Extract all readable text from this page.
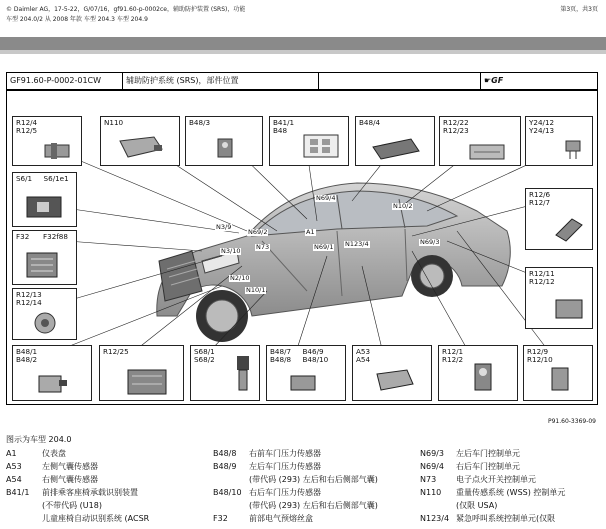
© Daimler AG，17-5-22，G/07/16，gf91.60-p-0002ce，辅助防护装置 (SRS)，功能
车型 204.0/2 从 2008 年款 车型 204.3 车型 204.9
第3页，共3页
GF91.60-P-0002-01CW	辅助防护系统 (SRS)，部件位置	☛GF
R12/4
R12/5
N110	B48/3	B41/1
B48
B48/4	R12/22
R12/23
Y24/12
Y24/13
S6/1     S6/1e1
F32      F32f88
R12/13
R12/14
R12/6
R12/7
R12/11
R12/12
B48/1
B48/2
R12/25	S68/1
S68/2
B48/7     B46/9
B48/8     B48/10
A53
A54
R12/1
R12/2
R12/9
R12/10
N69/4
N10/2
N3/9
N69/2	A1
N3/10 N73	N69/1 N123/4	N69/3
N2/10
N10/1
P91.60-3369-09
图示为车型 204.0
A1	仪表盘
A53	左侧气囊传感器
A54	右侧气囊传感器
B41/1 前排乘客座椅承载识别装置
(不带代码 (U18)
儿童座椅自动识别系统 (ACSR
B48/8 右前车门压力传感器
B48/9 左后车门压力传感器
(带代码 (293) 左后和右后侧部气囊)
B48/10 右后车门压力传感器
(带代码 (293) 左后和右后侧部气囊)
F32	前部电气预熔丝盒
N69/3 左后车门控制单元
N69/4 右后车门控制单元
N73 电子点火开关控制单元
N110 重量传感系统 (WSS) 控制单元
(仅限 USA)
N123/4 紧急呼叫系统控制单元(仅限
